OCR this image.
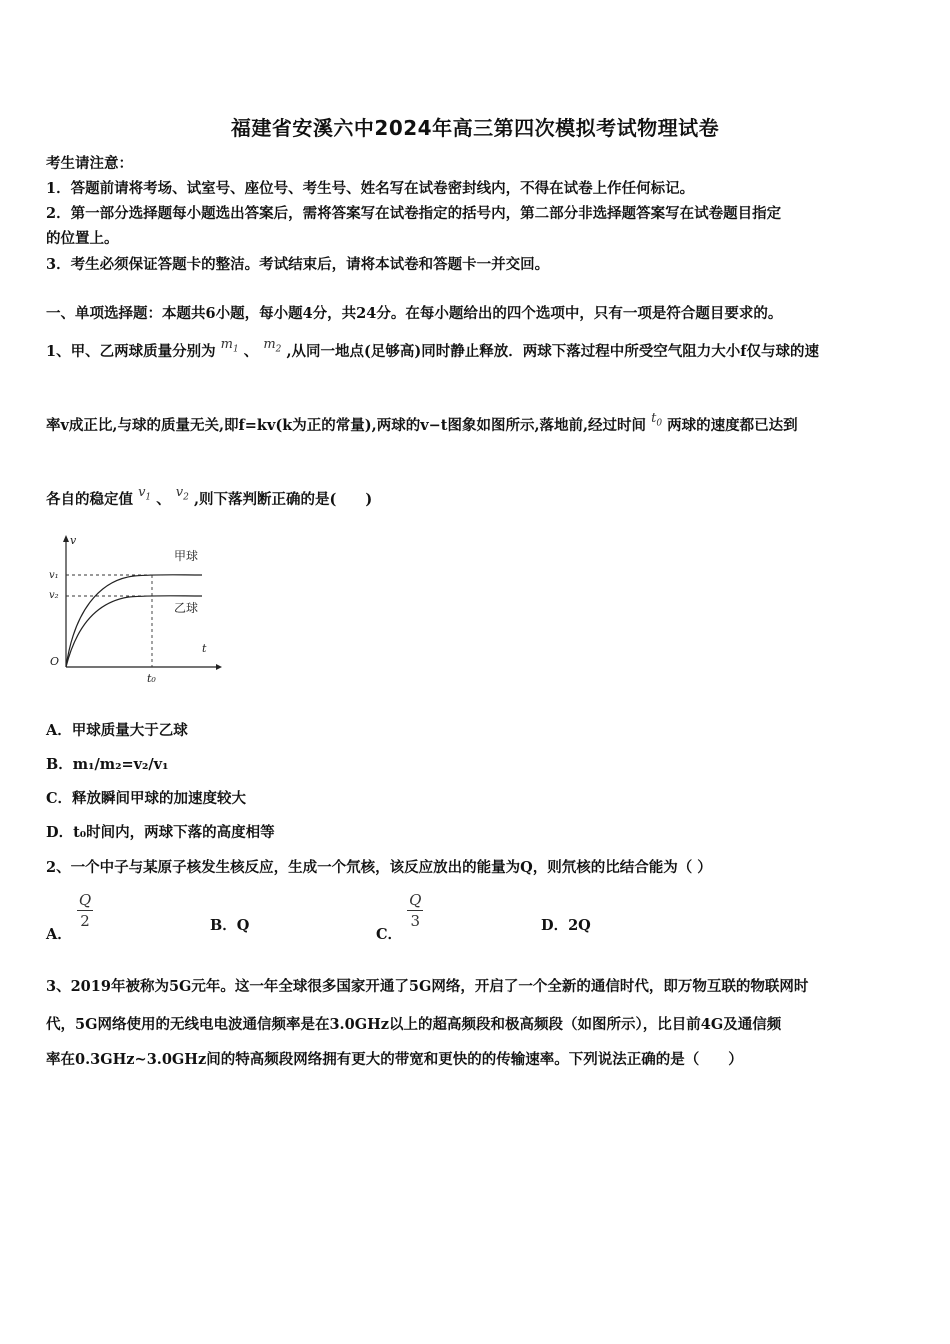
福建省安溪六中2024年高三第四次模拟考试物理试卷
考生请注意：
1．答题前请将考场、试室号、座位号、考生号、姓名写在试卷密封线内，不得在试卷上作任何标记。
2．第一部分选择题每小题选出答案后，需将答案写在试卷指定的括号内，第二部分非选择题答案写在试卷题目指定
的位置上。
3．考生必须保证答题卡的整洁。考试结束后，请将本试卷和答题卡一并交回。
一、单项选择题：本题共6小题，每小题4分，共24分。在每小题给出的四个选项中，只有一项是符合题目要求的。
1、甲、乙两球质量分别为 $m_1$ 、 $m_2$ ,从同一地点(足够高)同时静止释放．两球下落过程中所受空气阻力大小f仅与球的速
率v成正比,与球的质量无关,即f=kv(k为正的常量),两球的v−t图象如图所示,落地前,经过时间 $t_0$ 两球的速度都已达到
各自的稳定值 $v_1$ 、 $v_2$ ,则下落判断正确的是(　　)
v
t
O
v₁
v₂
t₀
甲球
乙球
A．甲球质量大于乙球
B．m₁/m₂=v₂/v₁
C．释放瞬间甲球的加速度较大
D．t₀时间内，两球下落的高度相等
2、一个中子与某原子核发生核反应，生成一个氘核，该反应放出的能量为Q，则氘核的比结合能为（ ）
A．
$\frac{Q}{2}$	B．Q	C．
$\frac{Q}{3}$	D．2Q
3、2019年被称为5G元年。这一年全球很多国家开通了5G网络，开启了一个全新的通信时代，即万物互联的物联网时
代，5G网络使用的无线电电波通信频率是在3.0GHz以上的超高频段和极高频段（如图所示），比目前4G及通信频
率在0.3GHz~3.0GHz间的特高频段网络拥有更大的带宽和更快的的传输速率。下列说法正确的是（　　）
